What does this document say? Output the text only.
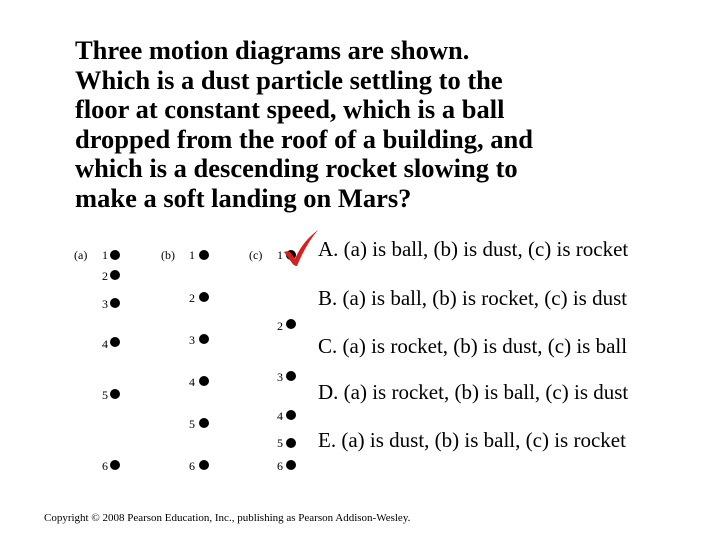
Three motion diagrams are shown.
Which is a dust particle settling to the
floor at constant speed, which is a ball
dropped from the roof of a building, and
which is a descending rocket slowing to
make a soft landing on Mars?
(a)	1
2
3
4
5
6
(b)	1
2
3
4
5
6
(c)	1
2
3
4
5
6
A. (a) is ball, (b) is dust, (c) is rocket
B. (a) is ball, (b) is rocket, (c) is dust
C. (a) is rocket, (b) is dust, (c) is ball
D. (a) is rocket, (b) is ball, (c) is dust
E. (a) is dust, (b) is ball, (c) is rocket
Copyright © 2008 Pearson Education, Inc., publishing as Pearson Addison-Wesley.
